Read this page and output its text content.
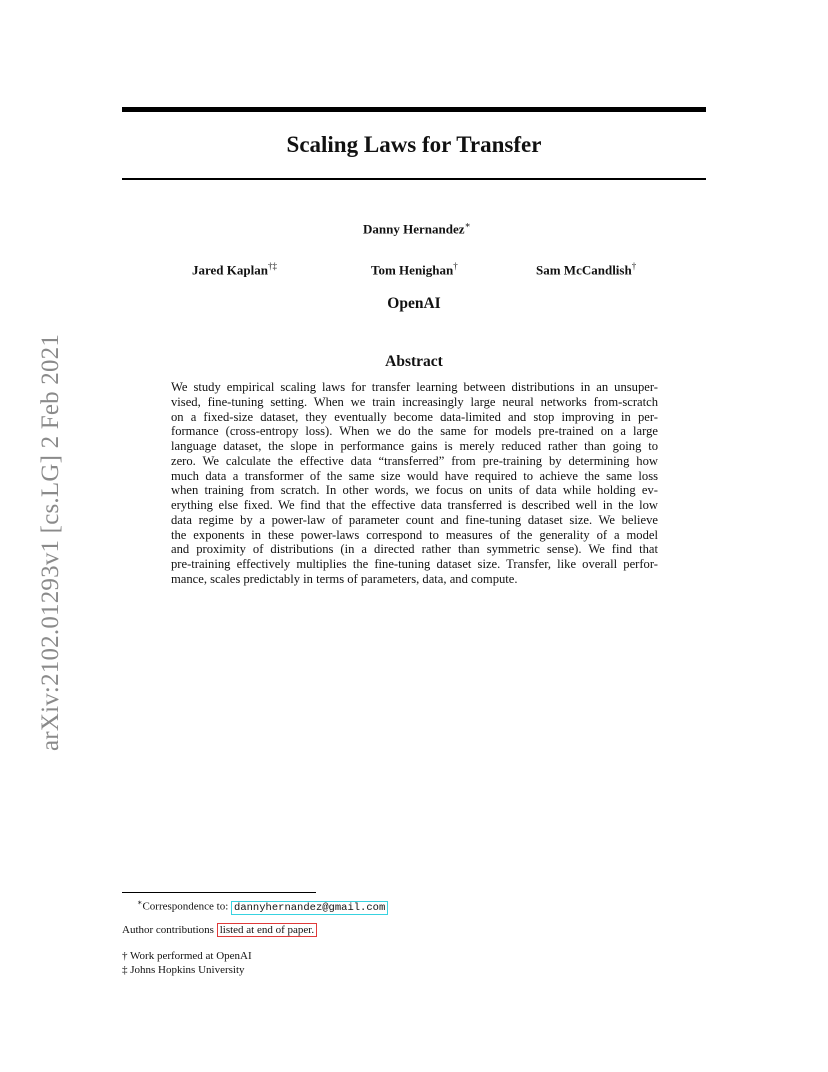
arXiv:2102.01293v1 [cs.LG] 2 Feb 2021
Scaling Laws for Transfer
Danny Hernandez∗
Jared Kaplan†‡	Tom Henighan†	Sam McCandlish†
OpenAI
Abstract
We study empirical scaling laws for transfer learning between distributions in an unsuper-
vised, fine-tuning setting. When we train increasingly large neural networks from-scratch
on a fixed-size dataset, they eventually become data-limited and stop improving in per-
formance (cross-entropy loss). When we do the same for models pre-trained on a large
language dataset, the slope in performance gains is merely reduced rather than going to
zero. We calculate the effective data “transferred” from pre-training by determining how
much data a transformer of the same size would have required to achieve the same loss
when training from scratch. In other words, we focus on units of data while holding ev-
erything else fixed. We find that the effective data transferred is described well in the low
data regime by a power-law of parameter count and fine-tuning dataset size. We believe
the exponents in these power-laws correspond to measures of the generality of a model
and proximity of distributions (in a directed rather than symmetric sense). We find that
pre-training effectively multiplies the fine-tuning dataset size. Transfer, like overall perfor-
mance, scales predictably in terms of parameters, data, and compute.
∗Correspondence to: dannyhernandez@gmail.com
Author contributions listed at end of paper.
† Work performed at OpenAI
‡ Johns Hopkins University
